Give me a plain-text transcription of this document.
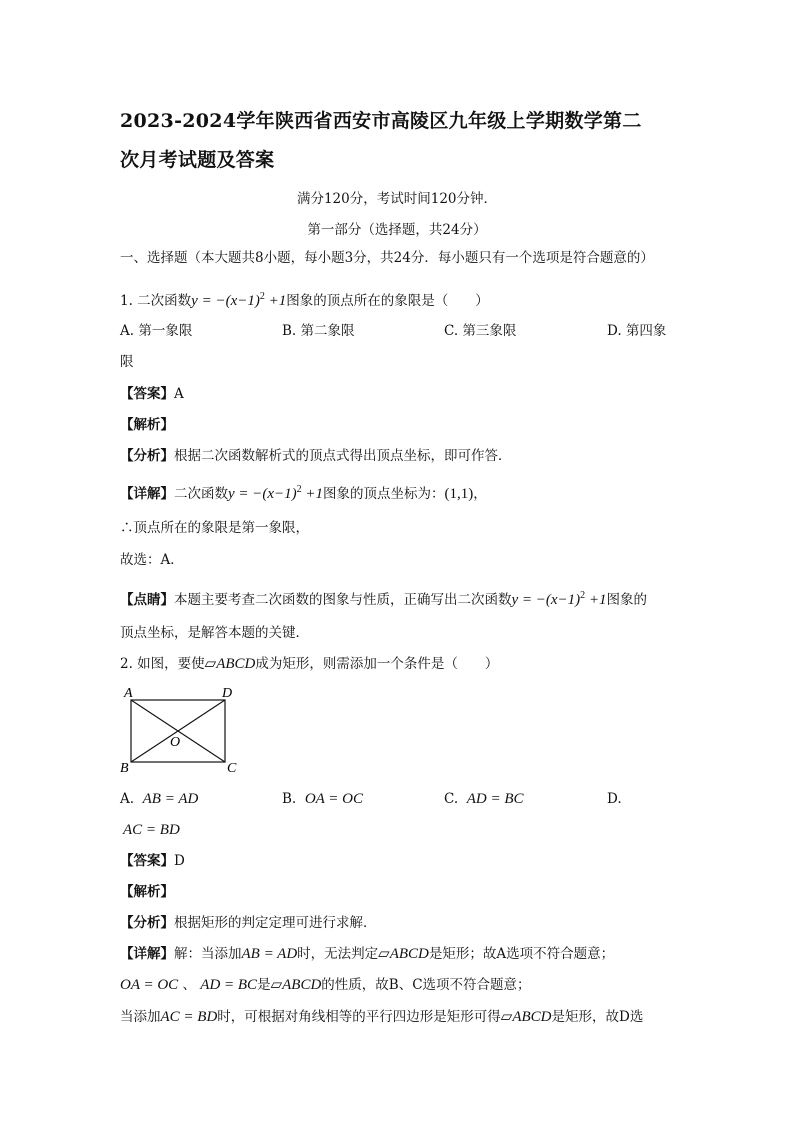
2023-2024学年陕西省西安市高陵区九年级上学期数学第二
次月考试题及答案
满分120分，考试时间120分钟．
第一部分（选择题，共24分）
一、选择题（本大题共8小题，每小题3分，共24分．每小题只有一个选项是符合题意的）
1. 二次函数$y = -(x-1)^2 +1$图象的顶点所在的象限是（　　）
A. 第一象限	B. 第二象限	C. 第三象限	D. 第四象
限
【答案】A
【解析】
【分析】根据二次函数解析式的顶点式得出顶点坐标，即可作答．
【详解】二次函数$y = -(x-1)^2 +1$图象的顶点坐标为：(1,1)，
∴顶点所在的象限是第一象限，
故选：A．
【点睛】本题主要考查二次函数的图象与性质，正确写出二次函数$y = -(x-1)^2 +1$图象的
顶点坐标，是解答本题的关键．
2. 如图，要使▱ABCD成为矩形，则需添加一个条件是（　　）
A	D
B	C
O
A. AB = AD	B. OA = OC	C. AD = BC	D.
AC = BD
【答案】D
【解析】
【分析】根据矩形的判定定理可进行求解．
【详解】解：当添加AB = AD时，无法判定▱ABCD是矩形；故A选项不符合题意；
OA = OC 、 AD = BC是▱ABCD的性质，故B、C选项不符合题意；
当添加AC = BD时，可根据对角线相等的平行四边形是矩形可得▱ABCD是矩形，故D选
